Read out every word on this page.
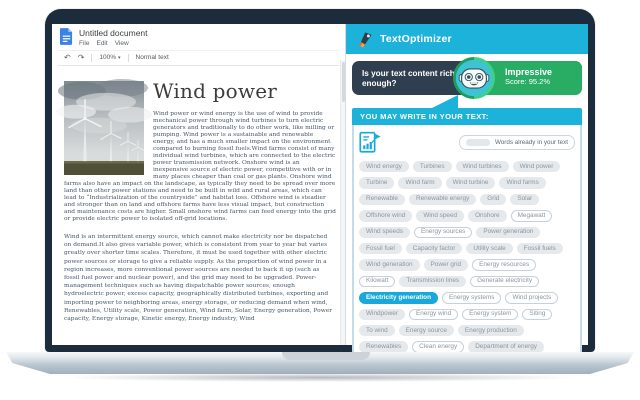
Untitled document
File Edit View
↶ ↷ 100% ▾ Normal text
Wind power

Wind power or wind energy is the use of wind to provide mechanical power through wind turbines to turn electric generators and traditionally to do other work, like milling or pumping. Wind power is a sustainable and renewable energy, and has a much smaller impact on the environment compared to burning fossil fuels.Wind farms consist of many individual wind turbines, which are connected to the electric power transmission network. Onshore wind is an inexpensive source of electric power, competitive with or in many places cheaper than coal or gas plants. Onshore wind farms also have an impact on the landscape, as typically they need to be spread over more land than other power stations and need to be built in wild and rural areas, which can lead to “Industrialization of the countryside” and habitat loss. Offshore wind is steadier and stronger than on land and offshore farms have less visual impact, but construction and maintenance costs are higher. Small onshore wind farms can feed energy into the grid or provide electric power to isolated off-grid locations.

Wind is an intermittent energy source, which cannot make electricity nor be dispatched on demand.It also gives variable power, which is consistent from year to year but varies greatly over shorter time scales. Therefore, it must be used together with other electric power sources or storage to give a reliable supply. As the proportion of wind power in a region increases, more conventional power sources are needed to back it up (such as fossil fuel power and nuclear power), and the grid may need to be upgraded. Power-management techniques such as having dispatchable power sources, enough hydroelectric power, excess capacity, geographically distributed turbines, exporting and importing power to neighboring areas, energy storage, or reducing demand when wind, Renewables, Utility scale, Power generation, Wind farm, Solar, Energy generation, Power capacity, Energy storage, Kinetic energy, Energy industry, Wind

TextOptimizer
Is your text content rich enough?
Impressive
Score: 95.2%
YOU MAY WRITE IN YOUR TEXT:
Words already in your text
Wind energy	Turbines	Wind turbines	Wind power
Turbine	Wind farm	Wind turbine	Wind farms
Renewable	Renewable energy	Grid	Solar
Offshore wind	Wind speed	Onshore	Megawatt
Wind speeds	Energy sources	Power generation
Fossil fuel	Capacity factor	Utility scale	Fossil fuels
Wind generation	Power grid	Energy resources
Kilowatt	Transmission lines	Generate electricity
Electricity generation	Energy systems	Wind projects
Windpower	Energy wind	Energy system	Siting
To wind	Energy source	Energy production
Renewables	Clean energy	Department of energy
